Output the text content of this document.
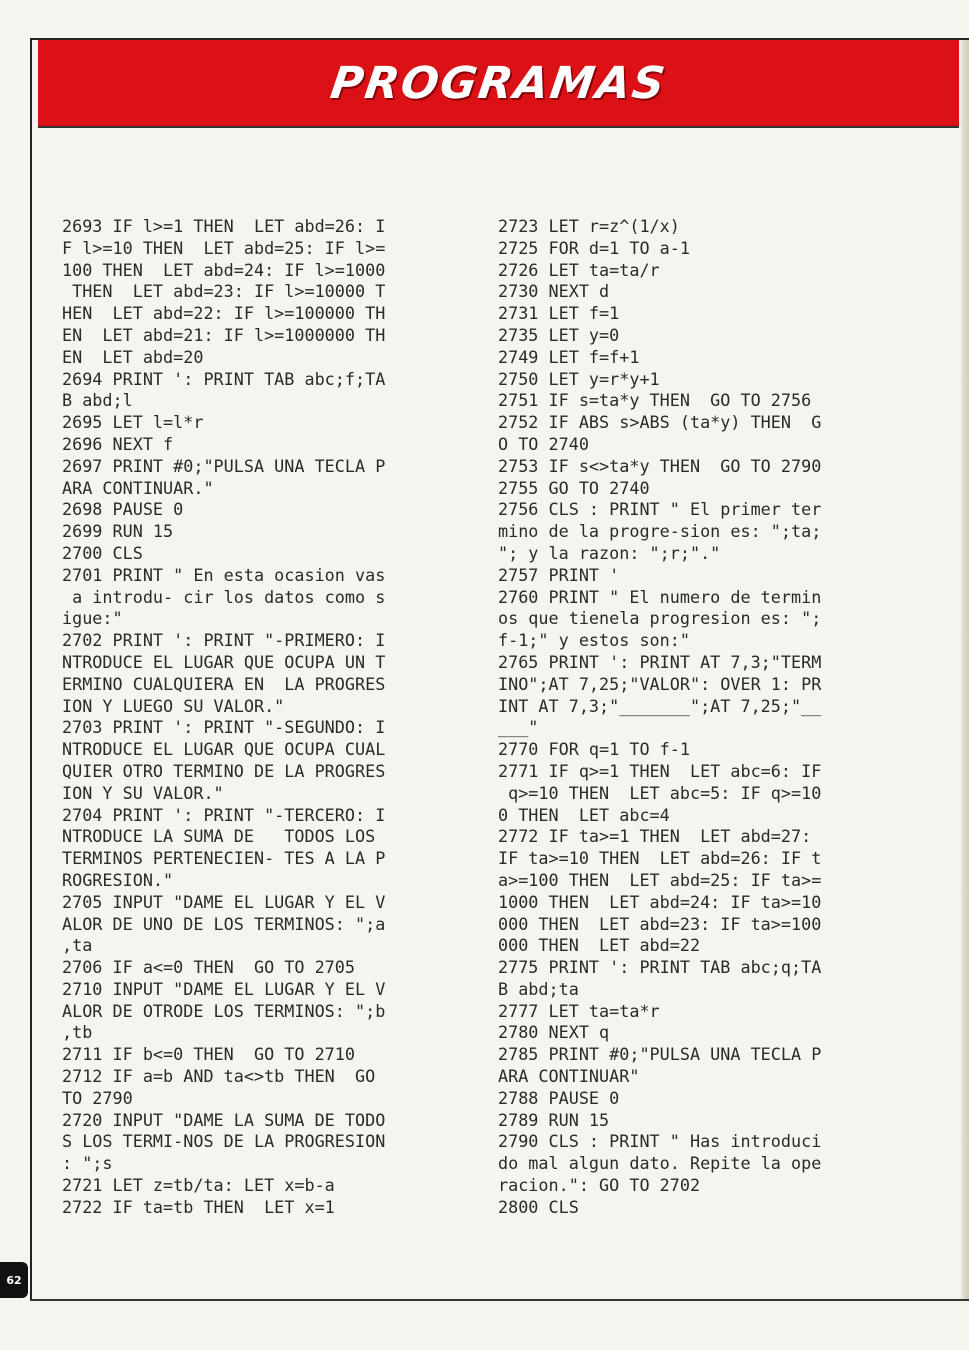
PROGRAMAS
2693 IF l>=1 THEN  LET abd=26: I
F l>=10 THEN  LET abd=25: IF l>=
100 THEN  LET abd=24: IF l>=1000
THEN  LET abd=23: IF l>=10000 T
HEN  LET abd=22: IF l>=100000 TH
EN  LET abd=21: IF l>=1000000 TH
EN  LET abd=20
2694 PRINT ': PRINT TAB abc;f;TA
B abd;l
2695 LET l=l*r
2696 NEXT f
2697 PRINT #0;"PULSA UNA TECLA P
ARA CONTINUAR."
2698 PAUSE 0
2699 RUN 15
2700 CLS
2701 PRINT " En esta ocasion vas
a introdu- cir los datos como s
igue:"
2702 PRINT ': PRINT "-PRIMERO: I
NTRODUCE EL LUGAR QUE OCUPA UN T
ERMINO CUALQUIERA EN  LA PROGRES
ION Y LUEGO SU VALOR."
2703 PRINT ': PRINT "-SEGUNDO: I
NTRODUCE EL LUGAR QUE OCUPA CUAL
QUIER OTRO TERMINO DE LA PROGRES
ION Y SU VALOR."
2704 PRINT ': PRINT "-TERCERO: I
NTRODUCE LA SUMA DE   TODOS LOS
TERMINOS PERTENECIEN- TES A LA P
ROGRESION."
2705 INPUT "DAME EL LUGAR Y EL V
ALOR DE UNO DE LOS TERMINOS: ";a
,ta
2706 IF a<=0 THEN  GO TO 2705
2710 INPUT "DAME EL LUGAR Y EL V
ALOR DE OTRODE LOS TERMINOS: ";b
,tb
2711 IF b<=0 THEN  GO TO 2710
2712 IF a=b AND ta<>tb THEN  GO
TO 2790
2720 INPUT "DAME LA SUMA DE TODO
S LOS TERMI-NOS DE LA PROGRESION
: ";s
2721 LET z=tb/ta: LET x=b-a
2722 IF ta=tb THEN  LET x=1
2723 LET r=z^(1/x)
2725 FOR d=1 TO a-1
2726 LET ta=ta/r
2730 NEXT d
2731 LET f=1
2735 LET y=0
2749 LET f=f+1
2750 LET y=r*y+1
2751 IF s=ta*y THEN  GO TO 2756
2752 IF ABS s>ABS (ta*y) THEN  G
O TO 2740
2753 IF s<>ta*y THEN  GO TO 2790
2755 GO TO 2740
2756 CLS : PRINT " El primer ter
mino de la progre-sion es: ";ta;
"; y la razon: ";r;"."
2757 PRINT '
2760 PRINT " El numero de termin
os que tienela progresion es: ";
f-1;" y estos son:"
2765 PRINT ': PRINT AT 7,3;"TERM
INO";AT 7,25;"VALOR": OVER 1: PR
INT AT 7,3;"_______";AT 7,25;"__
___"
2770 FOR q=1 TO f-1
2771 IF q>=1 THEN  LET abc=6: IF
q>=10 THEN  LET abc=5: IF q>=10
0 THEN  LET abc=4
2772 IF ta>=1 THEN  LET abd=27:
IF ta>=10 THEN  LET abd=26: IF t
a>=100 THEN  LET abd=25: IF ta>=
1000 THEN  LET abd=24: IF ta>=10
000 THEN  LET abd=23: IF ta>=100
000 THEN  LET abd=22
2775 PRINT ': PRINT TAB abc;q;TA
B abd;ta
2777 LET ta=ta*r
2780 NEXT q
2785 PRINT #0;"PULSA UNA TECLA P
ARA CONTINUAR"
2788 PAUSE 0
2789 RUN 15
2790 CLS : PRINT " Has introduci
do mal algun dato. Repite la ope
racion.": GO TO 2702
2800 CLS
62
